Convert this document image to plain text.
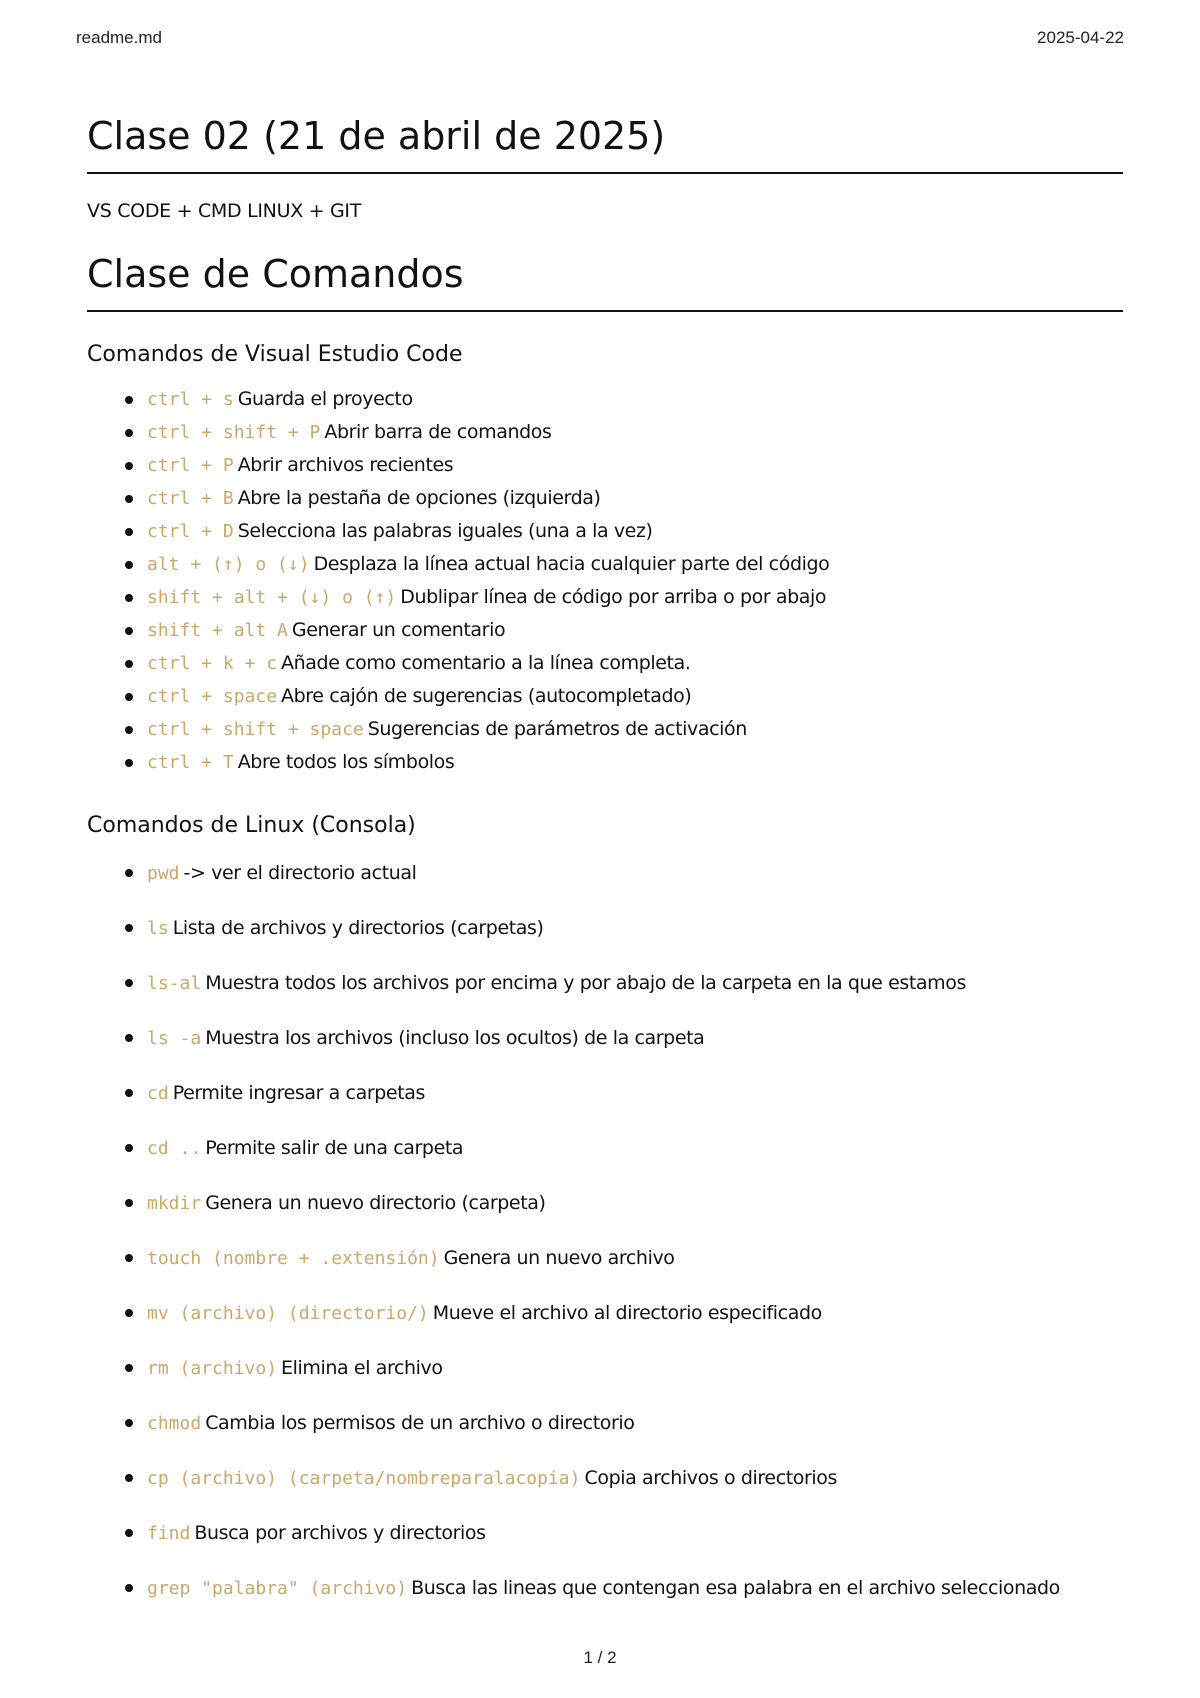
readme.md	2025-04-22
Clase 02 (21 de abril de 2025)

VS CODE + CMD LINUX + GIT

Clase de Comandos
Comandos de Visual Estudio Code
ctrl + s Guarda el proyecto
ctrl + shift + P Abrir barra de comandos
ctrl + P Abrir archivos recientes
ctrl + B Abre la pestaña de opciones (izquierda)
ctrl + D Selecciona las palabras iguales (una a la vez)
alt + (↑) o (↓) Desplaza la línea actual hacia cualquier parte del código
shift + alt + (↓) o (↑) Dublipar línea de código por arriba o por abajo
shift + alt A Generar un comentario
ctrl + k + c Añade como comentario a la línea completa.
ctrl + space Abre cajón de sugerencias (autocompletado)
ctrl + shift + space Sugerencias de parámetros de activación
ctrl + T Abre todos los símbolos
Comandos de Linux (Consola)
pwd -> ver el directorio actual
ls Lista de archivos y directorios (carpetas)
ls-al Muestra todos los archivos por encima y por abajo de la carpeta en la que estamos
ls -a Muestra los archivos (incluso los ocultos) de la carpeta
cd Permite ingresar a carpetas
cd .. Permite salir de una carpeta
mkdir Genera un nuevo directorio (carpeta)
touch (nombre + .extensión) Genera un nuevo archivo
mv (archivo) (directorio/) Mueve el archivo al directorio especificado
rm (archivo) Elimina el archivo
chmod Cambia los permisos de un archivo o directorio
cp (archivo) (carpeta/nombreparalacopia) Copia archivos o directorios
find Busca por archivos y directorios
grep "palabra" (archivo) Busca las lineas que contengan esa palabra en el archivo seleccionado
1 / 2
